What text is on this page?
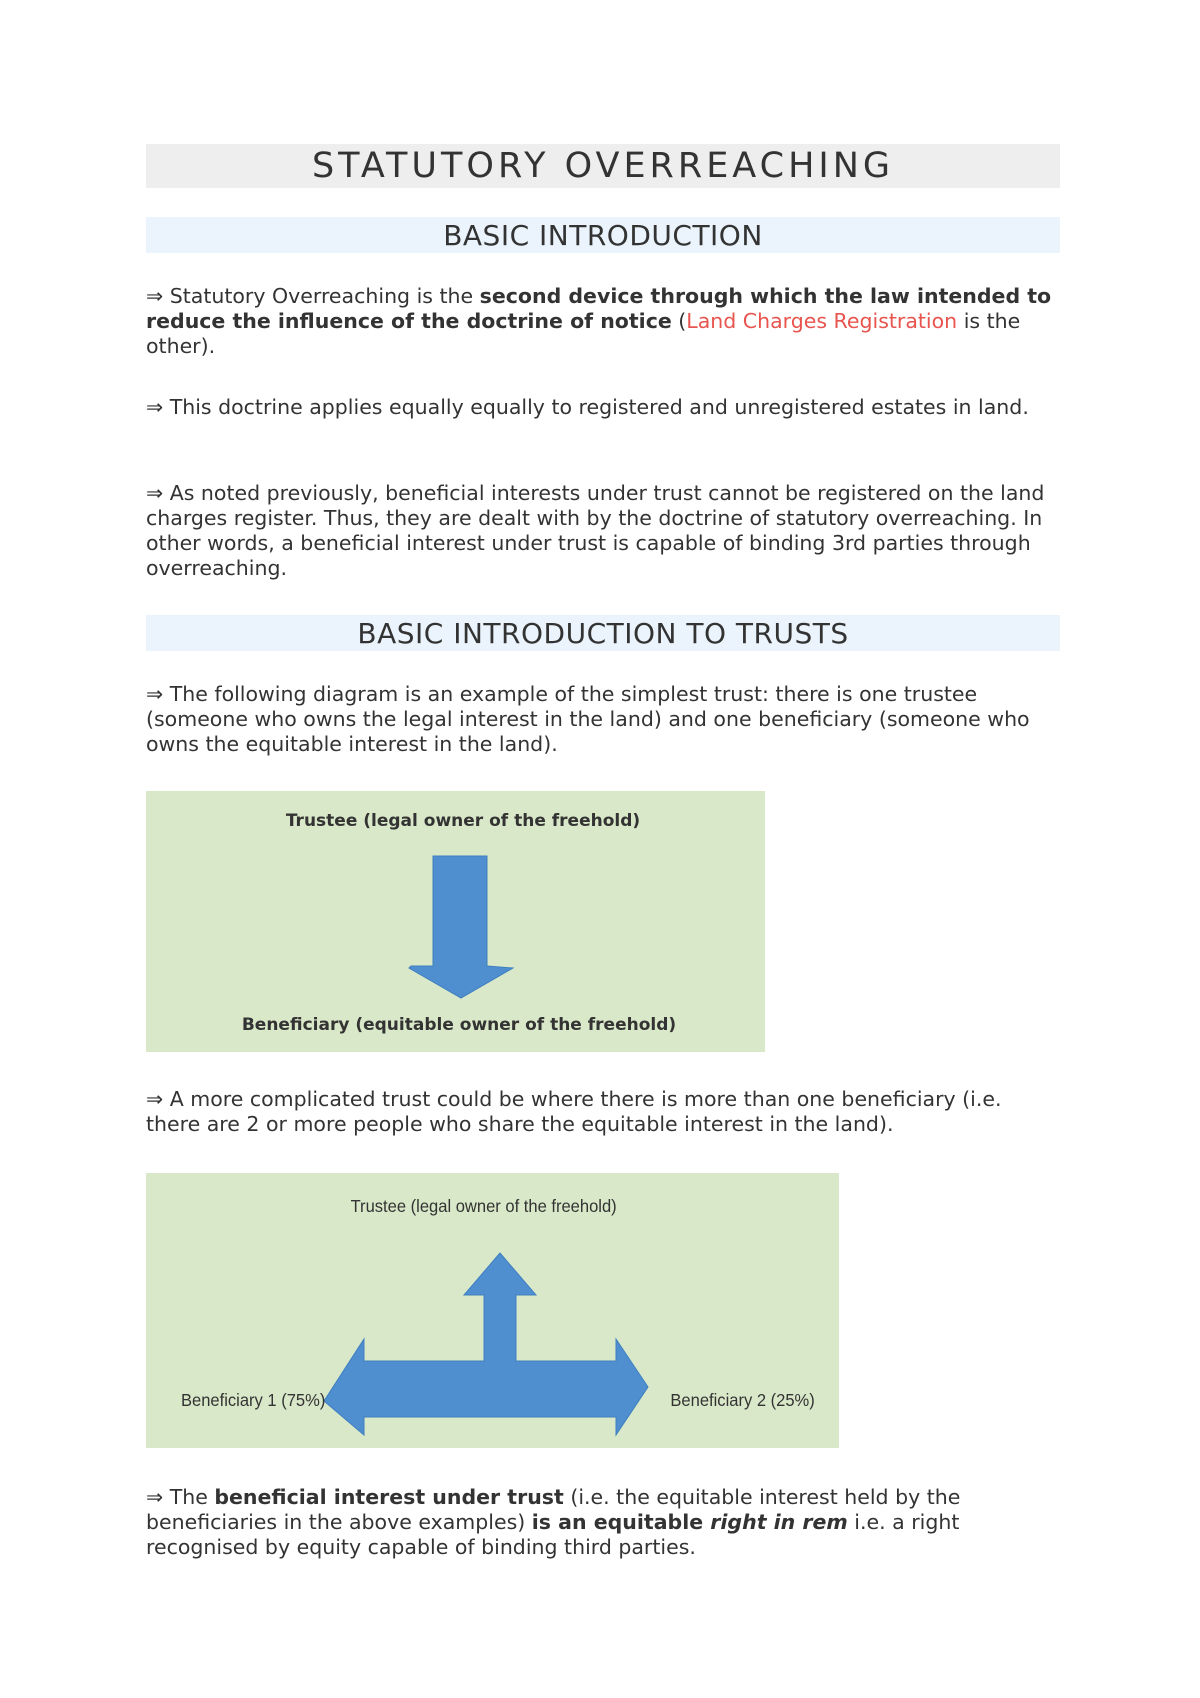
STATUTORY OVERREACHING
BASIC INTRODUCTION

⇒ Statutory Overreaching is the second device through which the law intended to reduce the influence of the doctrine of notice (Land Charges Registration is the other).

⇒ This doctrine applies equally equally to registered and unregistered estates in land.

⇒ As noted previously, beneficial interests under trust cannot be registered on the land charges register. Thus, they are dealt with by the doctrine of statutory overreaching. In other words, a beneficial interest under trust is capable of binding 3rd parties through overreaching.

BASIC INTRODUCTION TO TRUSTS

⇒ The following diagram is an example of the simplest trust: there is one trustee (someone who owns the legal interest in the land) and one beneficiary (someone who owns the equitable interest in the land).

Trustee (legal owner of the freehold)
Beneficiary (equitable owner of the freehold)

⇒ A more complicated trust could be where there is more than one beneficiary (i.e. there are 2 or more people who share the equitable interest in the land).

Trustee (legal owner of the freehold)
Beneficiary 1 (75%)	Beneficiary 2 (25%)

⇒ The beneficial interest under trust (i.e. the equitable interest held by the beneficiaries in the above examples) is an equitable right in rem i.e. a right recognised by equity capable of binding third parties.
